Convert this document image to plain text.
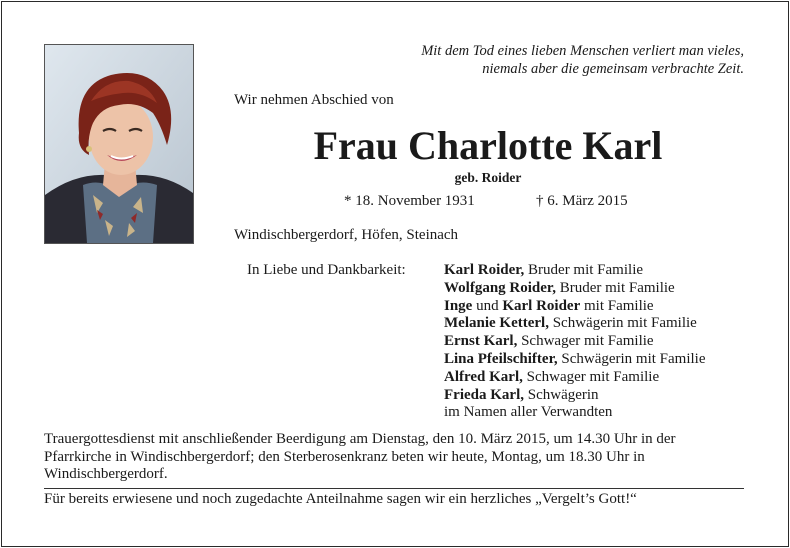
Mit dem Tod eines lieben Menschen verliert man vieles,
niemals aber die gemeinsam verbrachte Zeit.
Wir nehmen Abschied von
Frau Charlotte Karl
geb. Roider
* 18. November 1931	† 6. März 2015
Windischbergerdorf, Höfen, Steinach
In Liebe und Dankbarkeit:	Karl Roider, Bruder mit Familie
Wolfgang Roider, Bruder mit Familie
Inge und Karl Roider mit Familie
Melanie Ketterl, Schwägerin mit Familie
Ernst Karl, Schwager mit Familie
Lina Pfeilschifter, Schwägerin mit Familie
Alfred Karl, Schwager mit Familie
Frieda Karl, Schwägerin
im Namen aller Verwandten
Trauergottesdienst mit anschließender Beerdigung am Dienstag, den 10. März 2015, um 14.30 Uhr in der Pfarrkirche in Windischbergerdorf; den Sterberosenkranz beten wir heute, Montag, um 18.30 Uhr in Windischbergerdorf.
Für bereits erwiesene und noch zugedachte Anteilnahme sagen wir ein herzliches „Vergelt’s Gott!“
